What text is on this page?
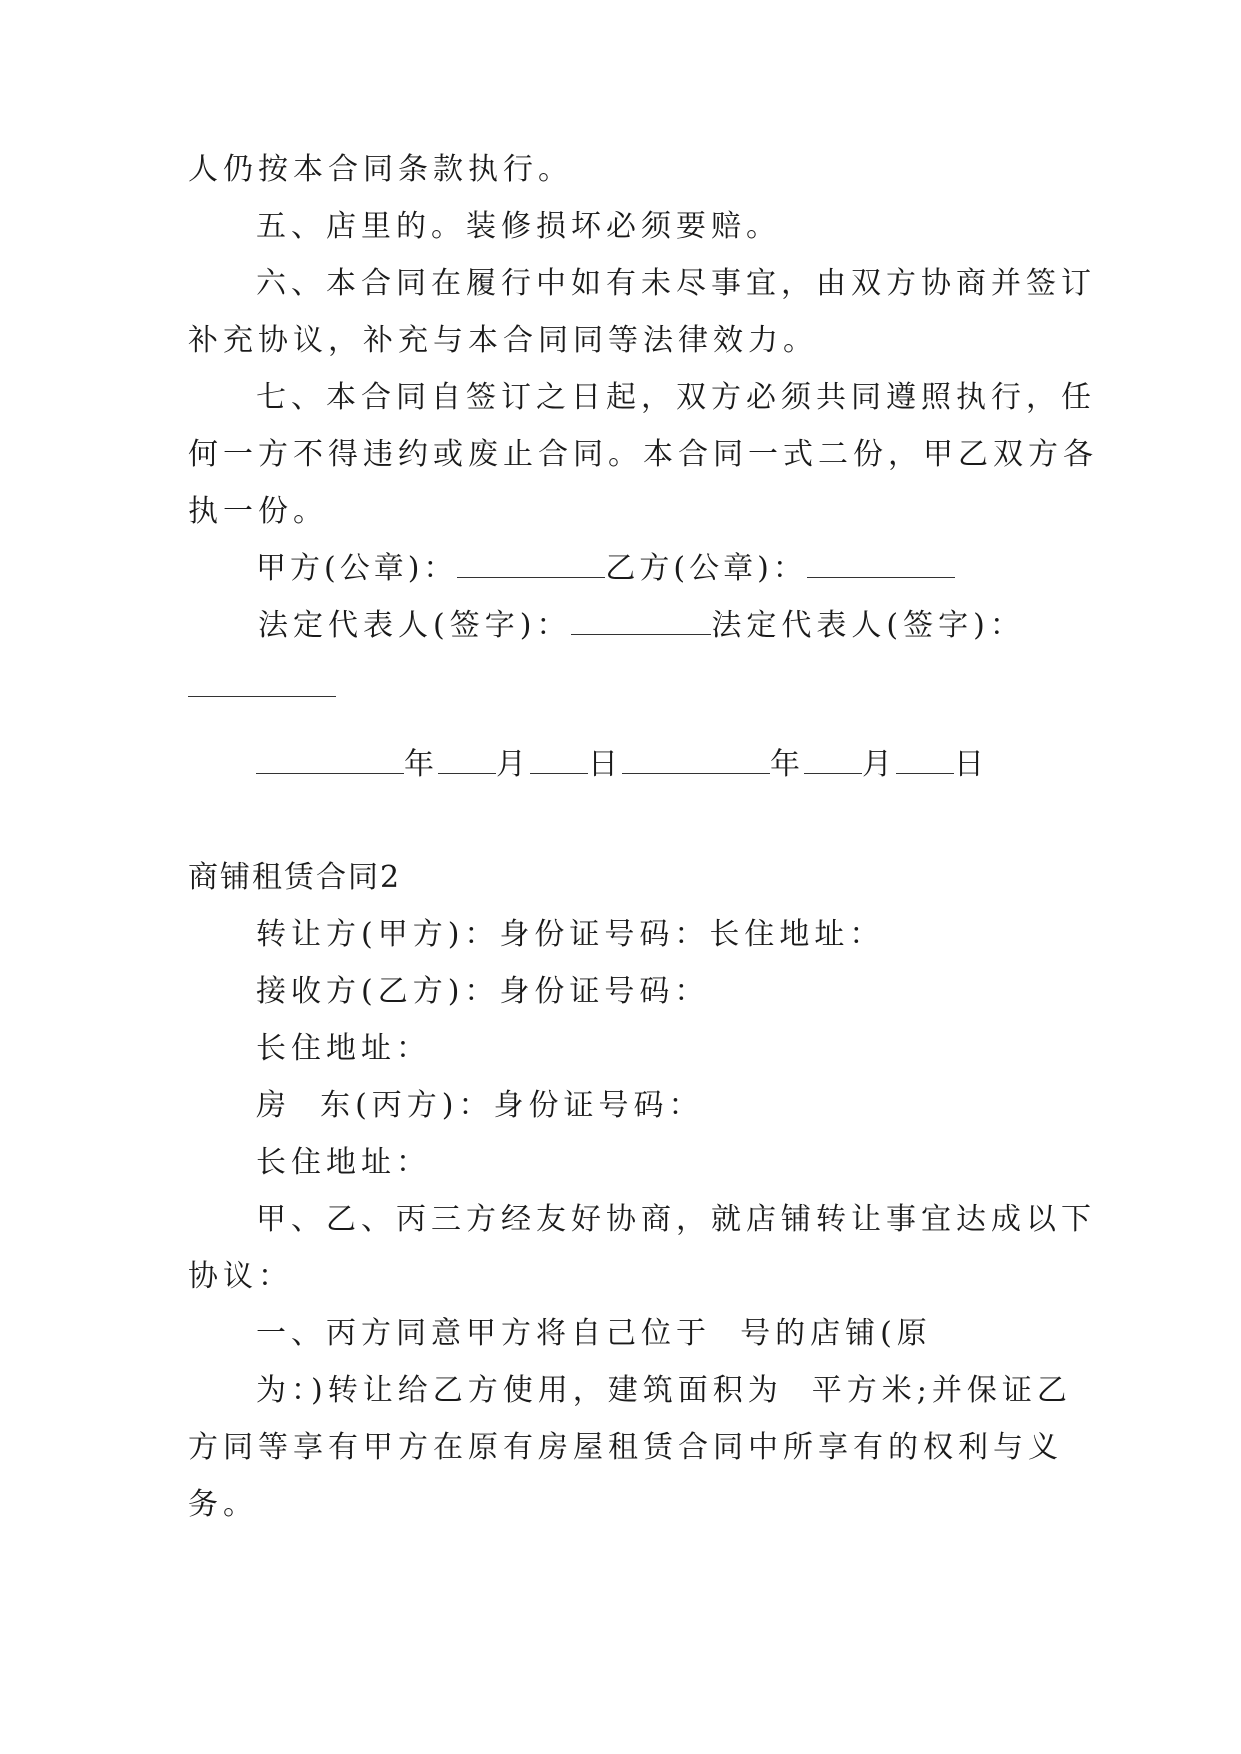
人仍按本合同条款执行。
五、店里的。装修损坏必须要赔。
六、本合同在履行中如有未尽事宜，由双方协商并签订
补充协议，补充与本合同同等法律效力。
七、本合同自签订之日起，双方必须共同遵照执行，任
何一方不得违约或废止合同。本合同一式二份，甲乙双方各
执一份。
甲方(公章)：	乙方(公章)：
法定代表人(签字)：	法定代表人(签字)：
年 月 日	年 月 日
商铺租赁合同2
转让方(甲方)：身份证号码：长住地址：
接收方(乙方)：身份证号码：
长住地址：
房  东(丙方)：身份证号码：
长住地址：
甲、乙、丙三方经友好协商，就店铺转让事宜达成以下
协议：
一、丙方同意甲方将自己位于  号的店铺(原
为：)转让给乙方使用，建筑面积为  平方米;并保证乙
方同等享有甲方在原有房屋租赁合同中所享有的权利与义
务。
